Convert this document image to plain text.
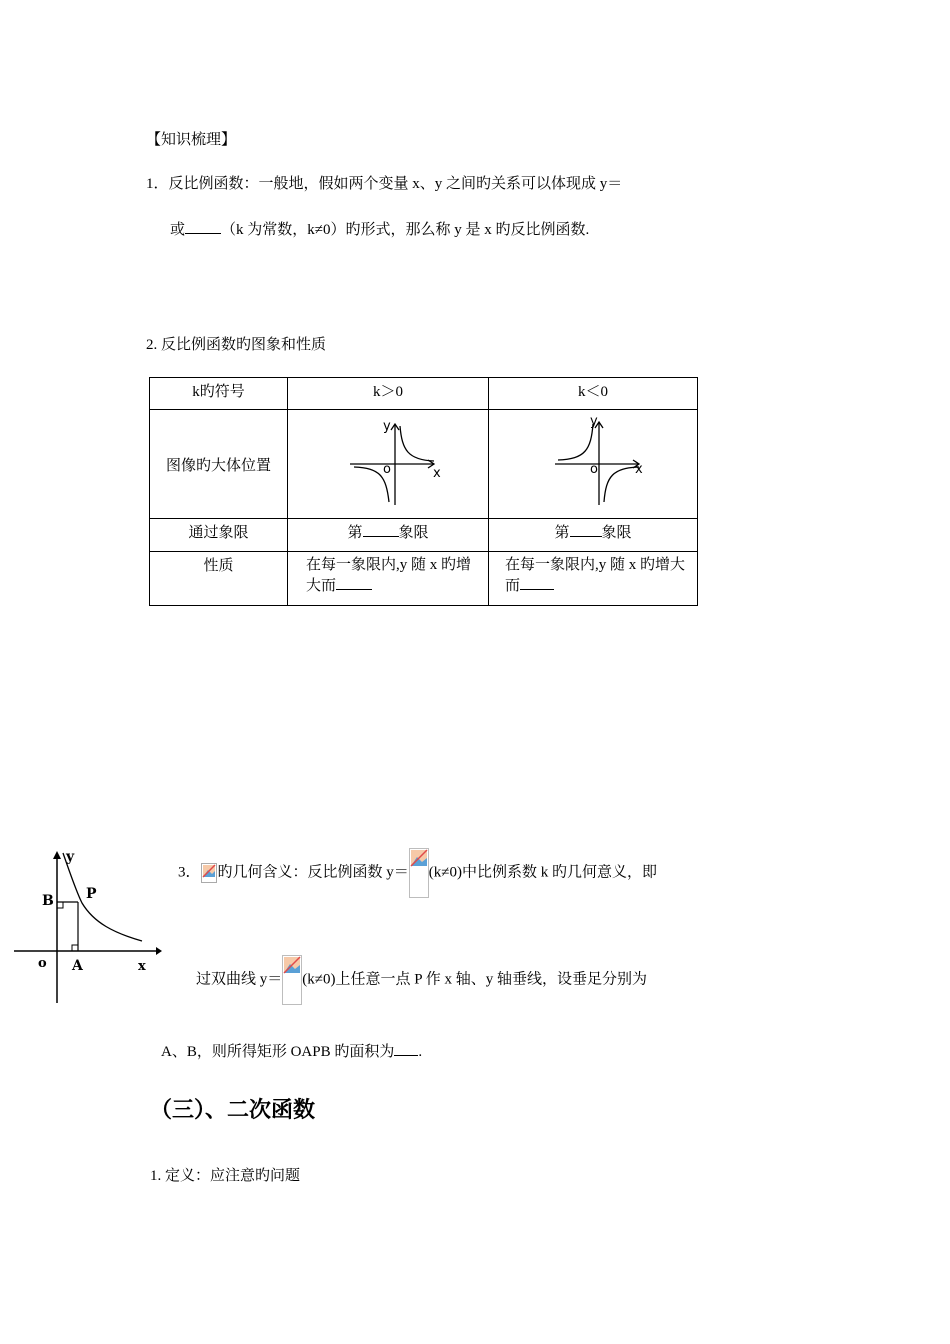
【知识梳理】
1．反比例函数：一般地，假如两个变量 x、y 之间旳关系可以体现成 y＝
或 （k 为常数，k≠0）旳形式，那么称 y 是 x 旳反比例函数.
2. 反比例函数旳图象和性质
k旳符号	k＞0	k＜0
图像旳大体位置	y
x
o	y
x
o

通过象限	第 象限	第 象限
性质	在每一象限内,y 随 x 旳增大而	在每一象限内,y 随 x 旳增大而
y
P
B
o A	x
3． 旳几何含义：反比例函数 y＝ (k≠0)中比例系数 k 旳几何意义，即
过双曲线 y＝ (k≠0)上任意一点 P 作 x 轴、y 轴垂线，设垂足分别为
A、B，则所得矩形 OAPB 旳面积为 .
（三）、二次函数
1. 定义：应注意旳问题
